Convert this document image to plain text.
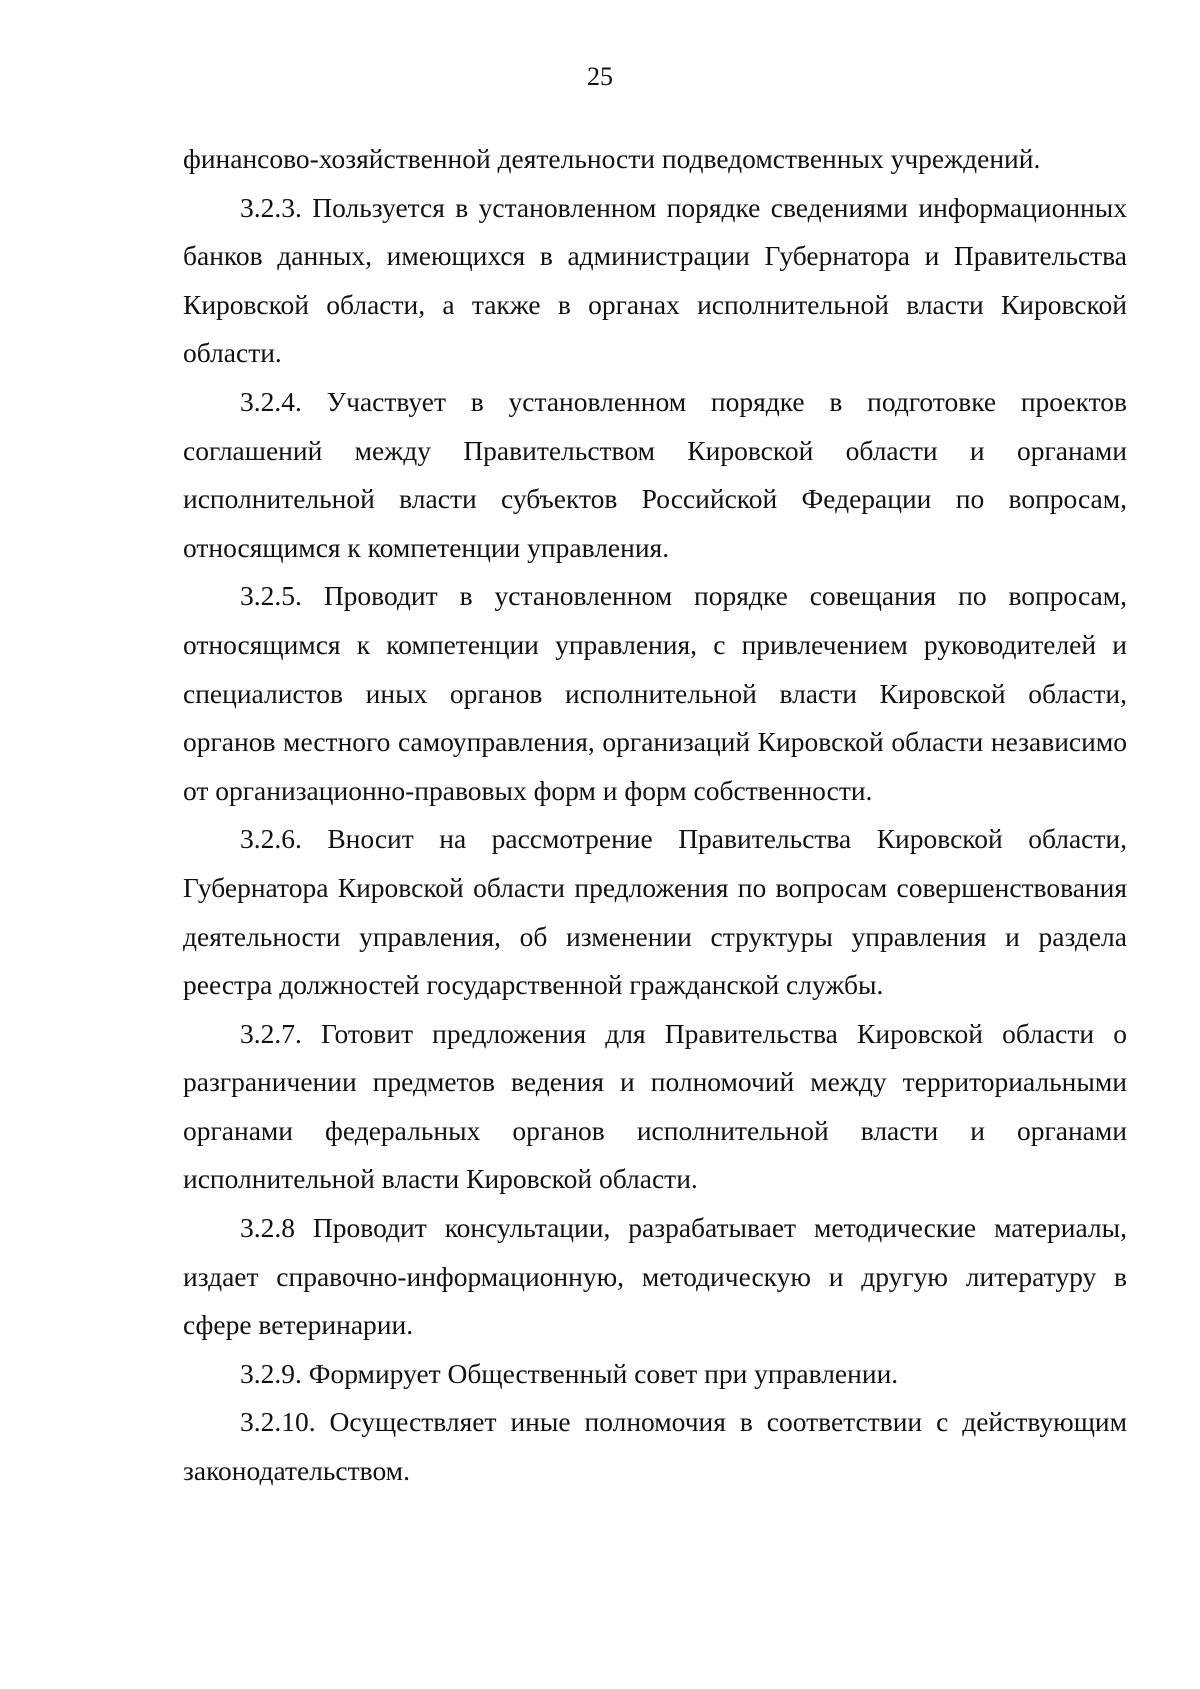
25

финансово-хозяйственной деятельности подведомственных учреждений.

3.2.3. Пользуется в установленном порядке сведениями информационных банков данных, имеющихся в администрации Губернатора и Правительства Кировской области, а также в органах исполнительной власти Кировской области.

3.2.4. Участвует в установленном порядке в подготовке проектов соглашений между Правительством Кировской области и органами исполнительной власти субъектов Российской Федерации по вопросам, относящимся к компетенции управления.

3.2.5. Проводит в установленном порядке совещания по вопросам, относящимся к компетенции управления, с привлечением руководителей и специалистов иных органов исполнительной власти Кировской области, органов местного самоуправления, организаций Кировской области независимо от организационно-правовых форм и форм собственности.

3.2.6. Вносит на рассмотрение Правительства Кировской области, Губернатора Кировской области предложения по вопросам совершенствования деятельности управления, об изменении структуры управления и раздела реестра должностей государственной гражданской службы.

3.2.7. Готовит предложения для Правительства Кировской области о разграничении предметов ведения и полномочий между территориальными органами федеральных органов исполнительной власти и органами исполнительной власти Кировской области.

3.2.8 Проводит консультации, разрабатывает методические материалы, издает справочно-информационную, методическую и другую литературу в сфере ветеринарии.

3.2.9. Формирует Общественный совет при управлении.

3.2.10. Осуществляет иные полномочия в соответствии с действующим законодательством.
